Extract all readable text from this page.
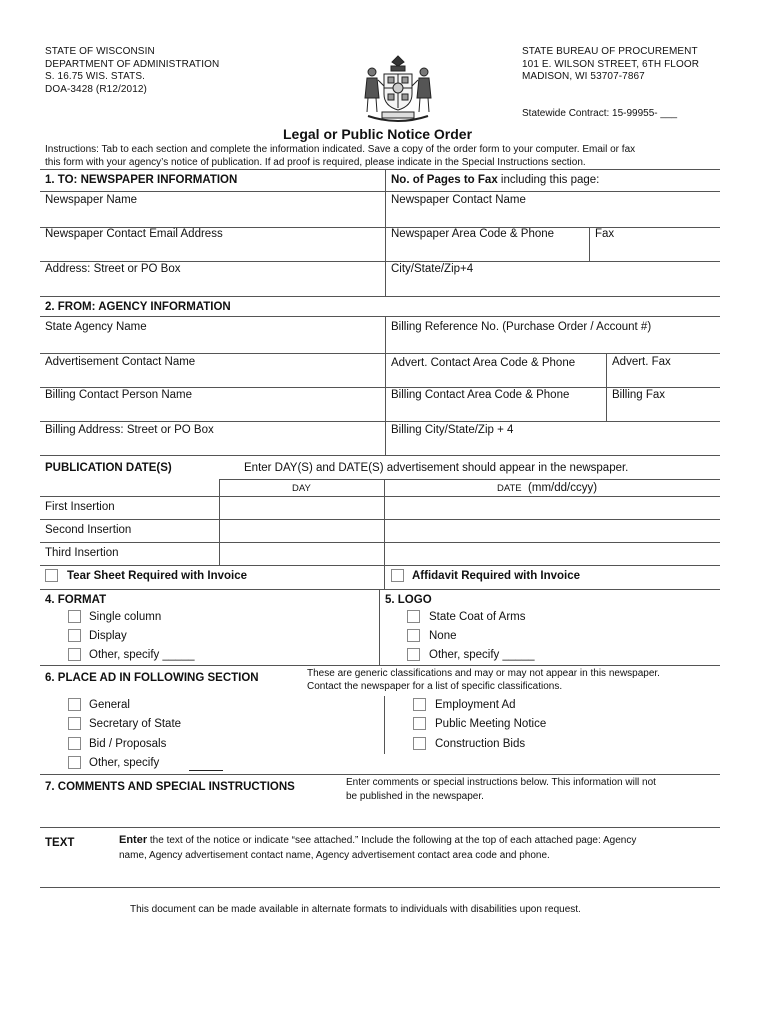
STATE OF WISCONSIN
DEPARTMENT OF ADMINISTRATION
S. 16.75 WIS. STATS.
DOA-3428 (R12/2012)
STATE BUREAU OF PROCUREMENT
101 E. WILSON STREET, 6TH FLOOR
MADISON, WI 53707-7867
Statewide Contract: 15-99955- ___
Legal or Public Notice Order
Instructions: Tab to each section and complete the information indicated. Save a copy of the order form to your computer. Email or fax
this form with your agency’s notice of publication. If ad proof is required, please indicate in the Special Instructions section.
1. TO: NEWSPAPER INFORMATION	No. of Pages to Fax including this page:
Newspaper Name	Newspaper Contact Name
Newspaper Contact Email Address	Newspaper Area Code & Phone	Fax
Address: Street or PO Box	City/State/Zip+4
2. FROM: AGENCY INFORMATION
State Agency Name	Billing Reference No. (Purchase Order / Account #)
Advertisement Contact Name	Advert. Contact Area Code & Phone	Advert. Fax
Billing Contact Person Name	Billing Contact Area Code & Phone	Billing Fax
Billing Address: Street or PO Box	Billing City/State/Zip + 4
PUBLICATION DATE(S)	Enter DAY(S) and DATE(S) advertisement should appear in the newspaper.
DAY	DATE (mm/dd/ccyy)
First Insertion
Second Insertion
Third Insertion
Tear Sheet Required with Invoice	Affidavit Required with Invoice
4. FORMAT
Single column
Display
Other, specify _____
5. LOGO
State Coat of Arms
None
Other, specify _____
6. PLACE AD IN FOLLOWING SECTION	These are generic classifications and may or may not appear in this newspaper.
Contact the newspaper for a list of specific classifications.
General
Secretary of State
Bid / Proposals
Other, specify
Employment Ad
Public Meeting Notice
Construction Bids
7. COMMENTS AND SPECIAL INSTRUCTIONS	Enter comments or special instructions below. This information will not
be published in the newspaper.
TEXT	Enter the text of the notice or indicate “see attached.” Include the following at the top of each attached page: Agency
name, Agency advertisement contact name, Agency advertisement contact area code and phone.
This document can be made available in alternate formats to individuals with disabilities upon request.
